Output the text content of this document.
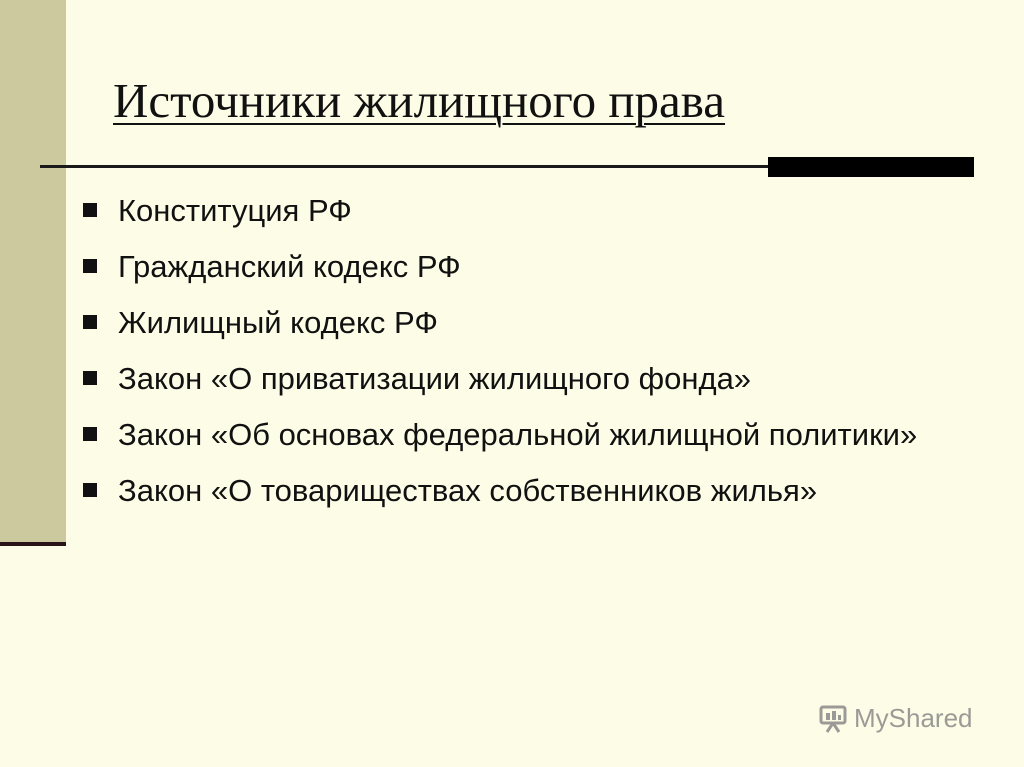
Источники жилищного права
Конституция РФ
Гражданский кодекс РФ
Жилищный кодекс РФ
Закон «О приватизации жилищного фонда»
Закон «Об основах федеральной жилищной политики»
Закон «О товариществах собственников жилья»
MyShared
